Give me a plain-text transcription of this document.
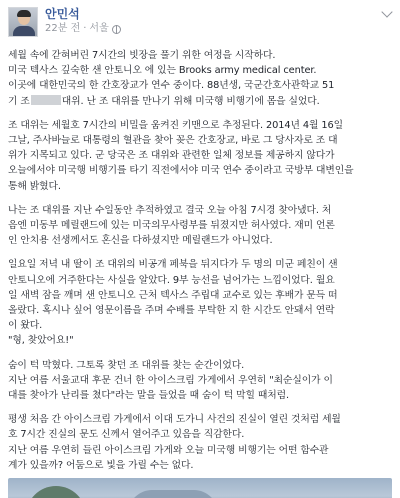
안민석
22분 전 · 서울
세월 속에 갇혀버린 7시간의 빗장을 풀기 위한 여정을 시작하다.
미국 텍사스 깊숙한 샌 안토니오 에 있는 Brooks army medical center.
이곳에 대한민국의 한 간호장교가 연수 중이다. 88년생, 국군간호사관학교 51
기 조	대위. 난 조 대위를 만나기 위해 미국행 비행기에 몸을 실었다.
조 대위는 세월호 7시간의 비밀을 움켜진 키맨으로 추정된다. 2014년 4월 16일
그날, 주사바늘로 대통령의 혈관을 찾아 꽂은 간호장교, 바로 그 당사자로 조 대
위가 지목되고 있다. 군 당국은 조 대위와 관련한 일체 정보를 제공하지 않다가
오늘에서야 미국행 비행기를 타기 직전에서야 미국 연수 중이라고 국방부 대변인을
통해 밝혔다.
나는 조 대위를 지난 수일동안 추적하였고 결국 오늘 아침 7시경 찾아냈다. 처
음엔 미동부 메릴랜드에 있는 미국의무사령부를 뒤졌지만 허사였다. 재미 언론
인 안치용 선생께서도 혼신을 다하셨지만 메릴랜드가 아니었다.
일요일 저녁 내 딸이 조 대위의 비공개 페북을 뒤지다가 두 명의 미군 페친이 샌
안토니오에 거주한다는 사실을 알았다. 9부 능선을 넘어가는 느낌이었다. 월요
일 새벽 잠을 깨며 샌 안토니오 근처 텍사스 주립대 교수로 있는 후배가 문득 떠
올랐다. 혹시나 싶어 영문이름을 주며 수배를 부탁한 지 한 시간도 안돼서 연락
이 왔다.
"형, 찾았어요!"
숨이 턱 막혔다. 그토록 찾던 조 대위를 찾는 순간이었다.
지난 여름 서울교대 후문 건너 한 아이스크림 가게에서 우연히 "최순실이가 이
대를 찾아가 난리를 쳤다"라는 말을 들었을 때 숨이 턱 막힐 때처럼.
평생 처음 간 아이스크림 가게에서 이대 도가니 사건의 진실이 열린 것처럼 세월
호 7시간 진실의 문도 신께서 열어주고 있음을 직감한다.
지난 여름 우연히 들린 아이스크림 가게와 오늘 미국행 비행기는 어떤 함수관
계가 있을까? 어둠으로 빛을 가릴 수는 없다.
